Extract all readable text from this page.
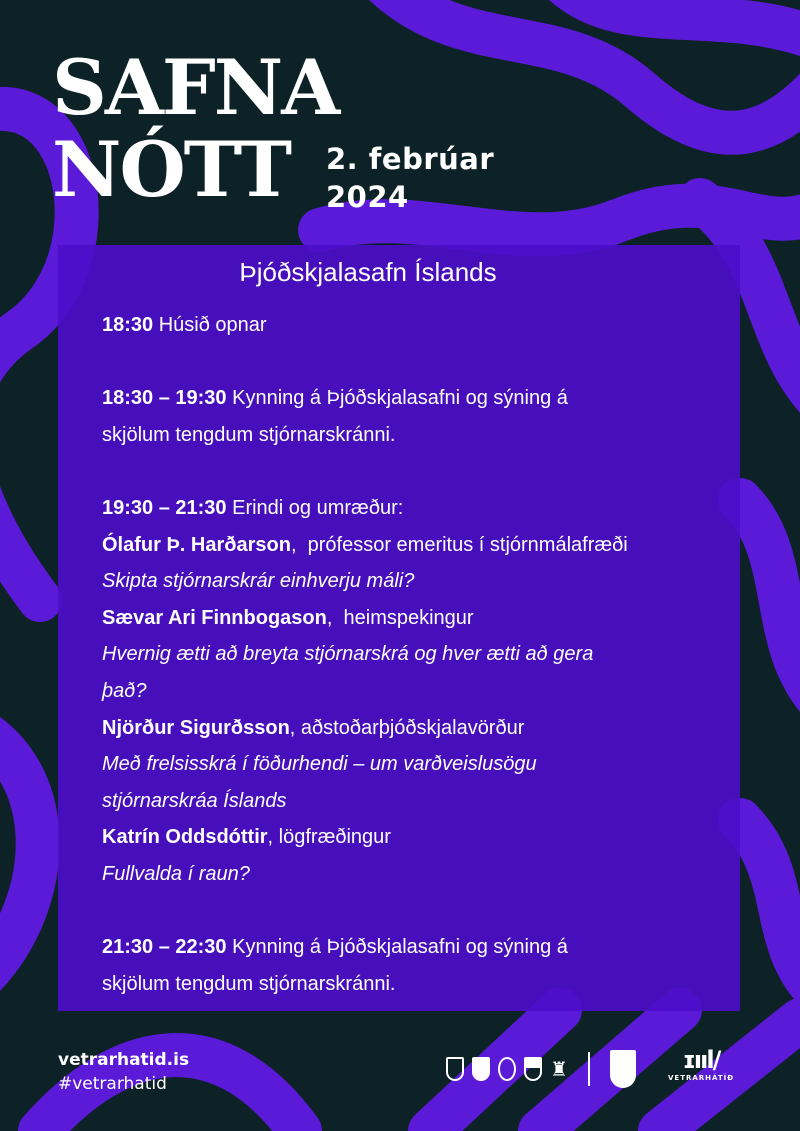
SAFNA
NÓTT 2. febrúar
2024
Þjóðskjalasafn Íslands
18:30 Húsið opnar
18:30 – 19:30 Kynning á Þjóðskjalasafni og sýning á
skjölum tengdum stjórnarskránni.
19:30 – 21:30 Erindi og umræður:
Ólafur Þ. Harðarson,  prófessor emeritus í stjórnmálafræði
Skipta stjórnarskrár einhverju máli?
Sævar Ari Finnbogason,  heimspekingur
Hvernig ætti að breyta stjórnarskrá og hver ætti að gera
það?
Njörður Sigurðsson, aðstoðarþjóðskjalavörður
Með frelsisskrá í föðurhendi – um varðveislusögu
stjórnarskráa Íslands
Katrín Oddsdóttir, lögfræðingur
Fullvalda í raun?
21:30 – 22:30 Kynning á Þjóðskjalasafni og sýning á
skjölum tengdum stjórnarskránni.
vetrarhatid.is
#vetrarhatid
♜	ɪııl/
VETRARHÁTÍÐ
